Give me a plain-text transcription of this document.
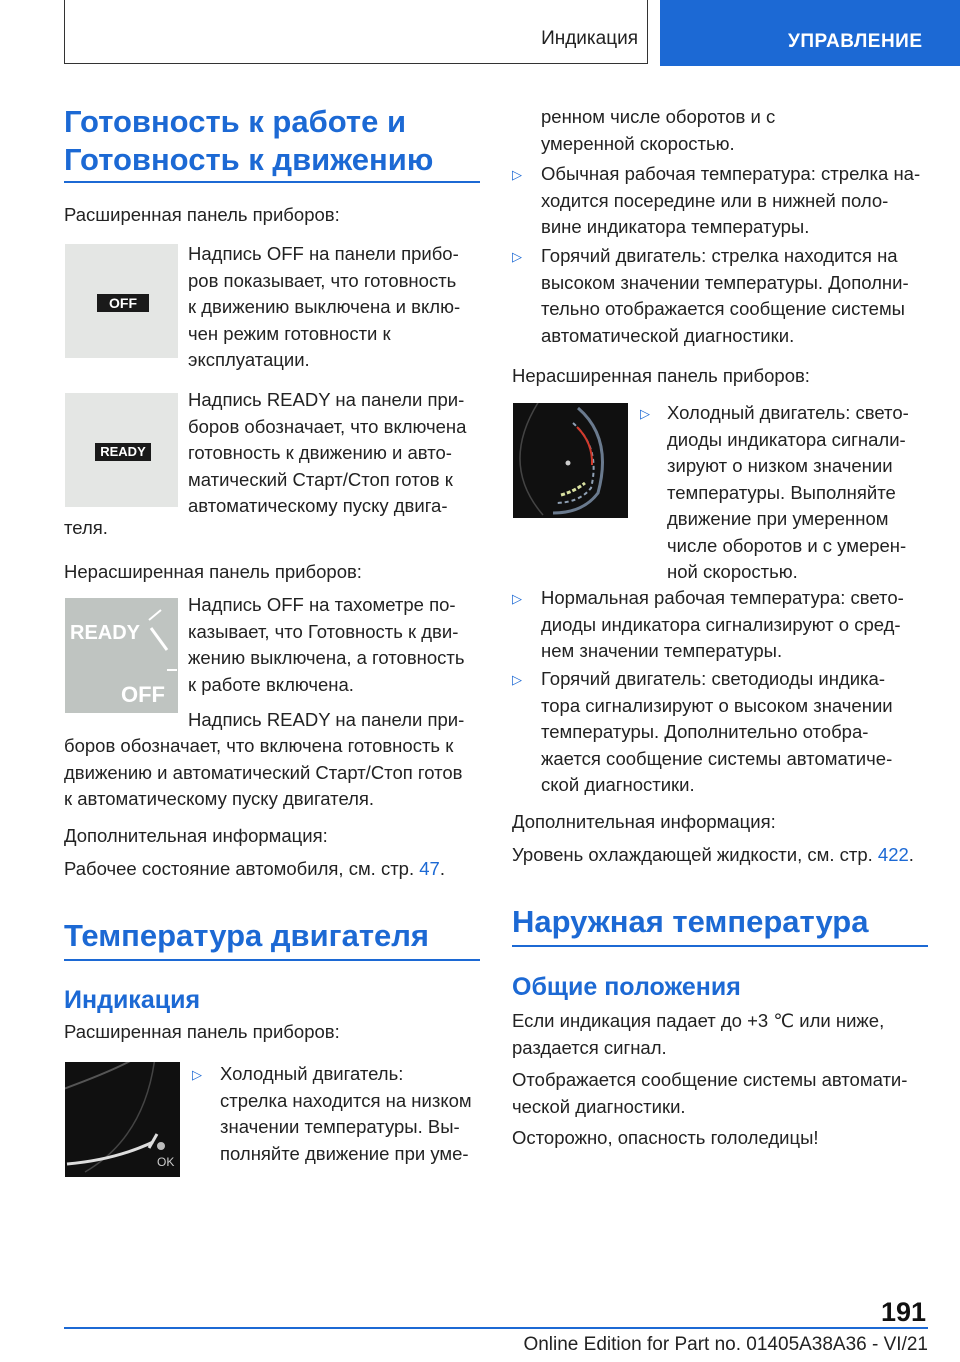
Индикация	УПРАВЛЕНИЕ

Готовность к работе и

Готовность к движению

Расширенная панель приборов:

OFF

Надпись OFF на панели прибо-

ров показывает, что готовность

к движению выключена и вклю-

чен режим готовности к

эксплуатации.

READY

Надпись READY на панели при-

боров обозначает, что включена

готовность к движению и авто-

матический Старт/Стоп готов к

автоматическому пуску двига-

теля.

Нерасширенная панель приборов:

READY
OFF

Надпись OFF на тахометре по-

казывает, что Готовность к дви-

жению выключена, а готовность

к работе включена.

Надпись READY на панели при-

боров обозначает, что включена готовность к

движению и автоматический Старт/Стоп готов

к автоматическому пуску двигателя.

Дополнительная информация:

Рабочее состояние автомобиля, см. стр. 47.

Температура двигателя

Индикация

Расширенная панель приборов:

OK
▷ Холодный двигатель:

стрелка находится на низком

значении температуры. Вы-

полняйте движение при уме-

ренном числе оборотов и с

умеренной скоростью.

▷ Обычная рабочая температура: стрелка на-

ходится посередине или в нижней поло-

вине индикатора температуры.

▷ Горячий двигатель: стрелка находится на

высоком значении температуры. Дополни-

тельно отображается сообщение системы

автоматической диагностики.

Нерасширенная панель приборов:

▷ Холодный двигатель: свето-

диоды индикатора сигнали-

зируют о низком значении

температуры. Выполняйте

движение при умеренном

числе оборотов и с умерен-

ной скоростью.

▷ Нормальная рабочая температура: свето-

диоды индикатора сигнализируют о сред-

нем значении температуры.

▷ Горячий двигатель: светодиоды индика-

тора сигнализируют о высоком значении

температуры. Дополнительно отобра-

жается сообщение системы автоматиче-

ской диагностики.

Дополнительная информация:

Уровень охлаждающей жидкости, см. стр. 422.

Наружная температура

Общие положения

Если индикация падает до +3 ℃ или ниже,

раздается сигнал.

Отображается сообщение системы автомати-

ческой диагностики.

Осторожно, опасность гололедицы!

191
Online Edition for Part no. 01405A38A36 - VI/21
